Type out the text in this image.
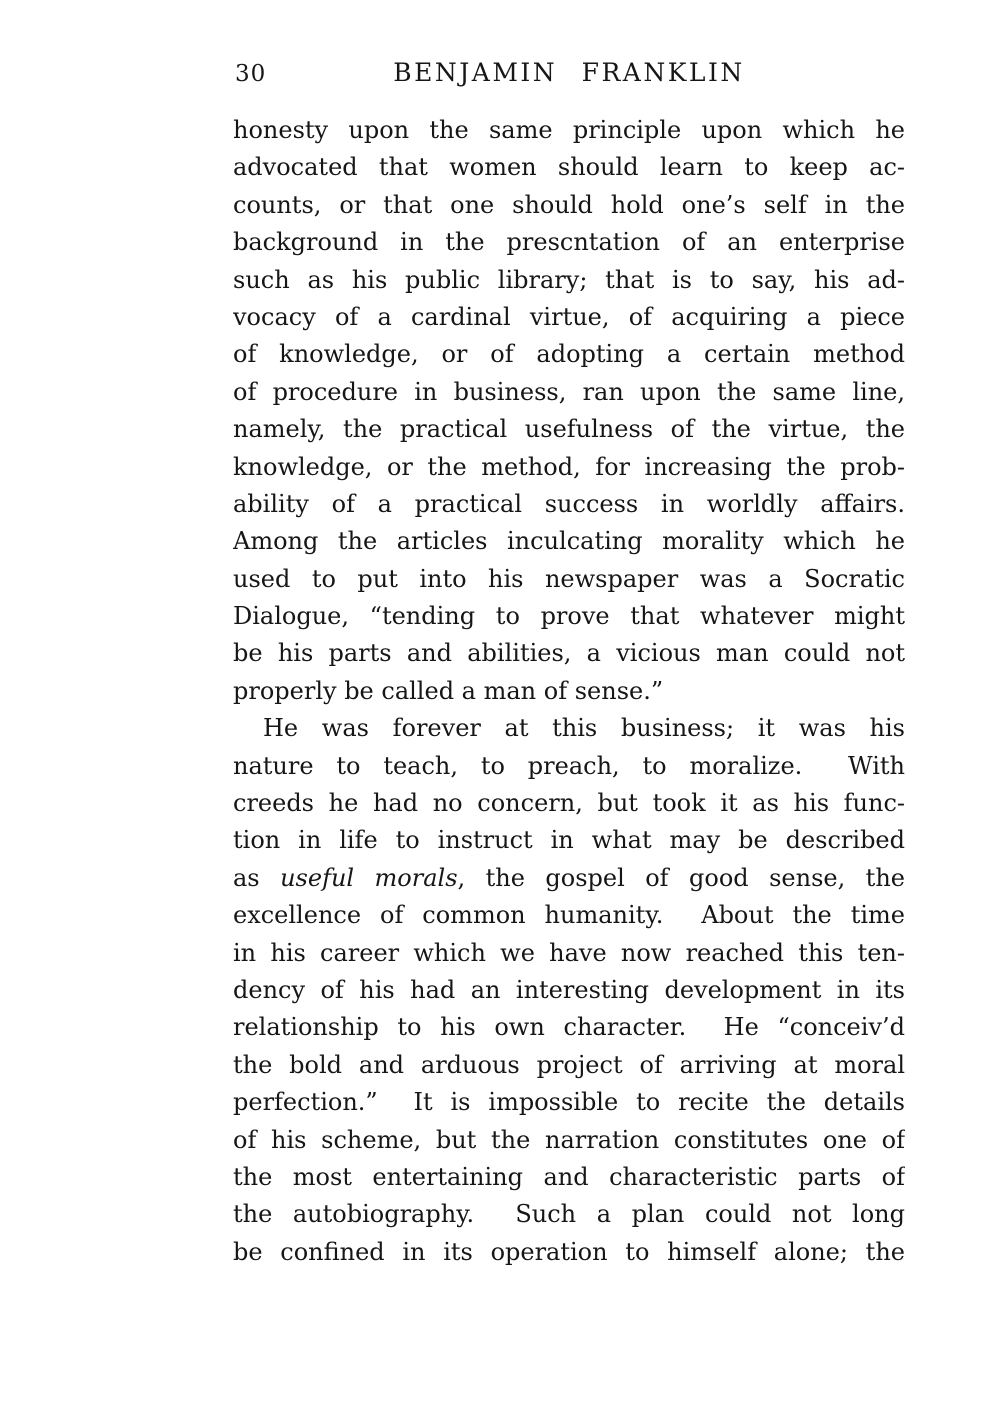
30	BENJAMIN FRANKLIN
honesty upon the same principle upon which he
advocated that women should learn to keep ac-
counts, or that one should hold one’s self in the
background in the prescntation of an enterprise
such as his public library; that is to say, his ad-
vocacy of a cardinal virtue, of acquiring a piece
of knowledge, or of adopting a certain method
of procedure in business, ran upon the same line,
namely, the practical usefulness of the virtue, the
knowledge, or the method, for increasing the prob-
ability of a practical success in worldly affairs.
Among the articles inculcating morality which he
used to put into his newspaper was a Socratic
Dialogue, “tending to prove that whatever might
be his parts and abilities, a vicious man could not
properly be called a man of sense.”
He was forever at this business; it was his
nature to teach, to preach, to moralize.  With
creeds he had no concern, but took it as his func-
tion in life to instruct in what may be described
as useful morals, the gospel of good sense, the
excellence of common humanity.  About the time
in his career which we have now reached this ten-
dency of his had an interesting development in its
relationship to his own character.  He “conceiv’d
the bold and arduous project of arriving at moral
perfection.”  It is impossible to recite the details
of his scheme, but the narration constitutes one of
the most entertaining and characteristic parts of
the autobiography.  Such a plan could not long
be confined in its operation to himself alone; the
